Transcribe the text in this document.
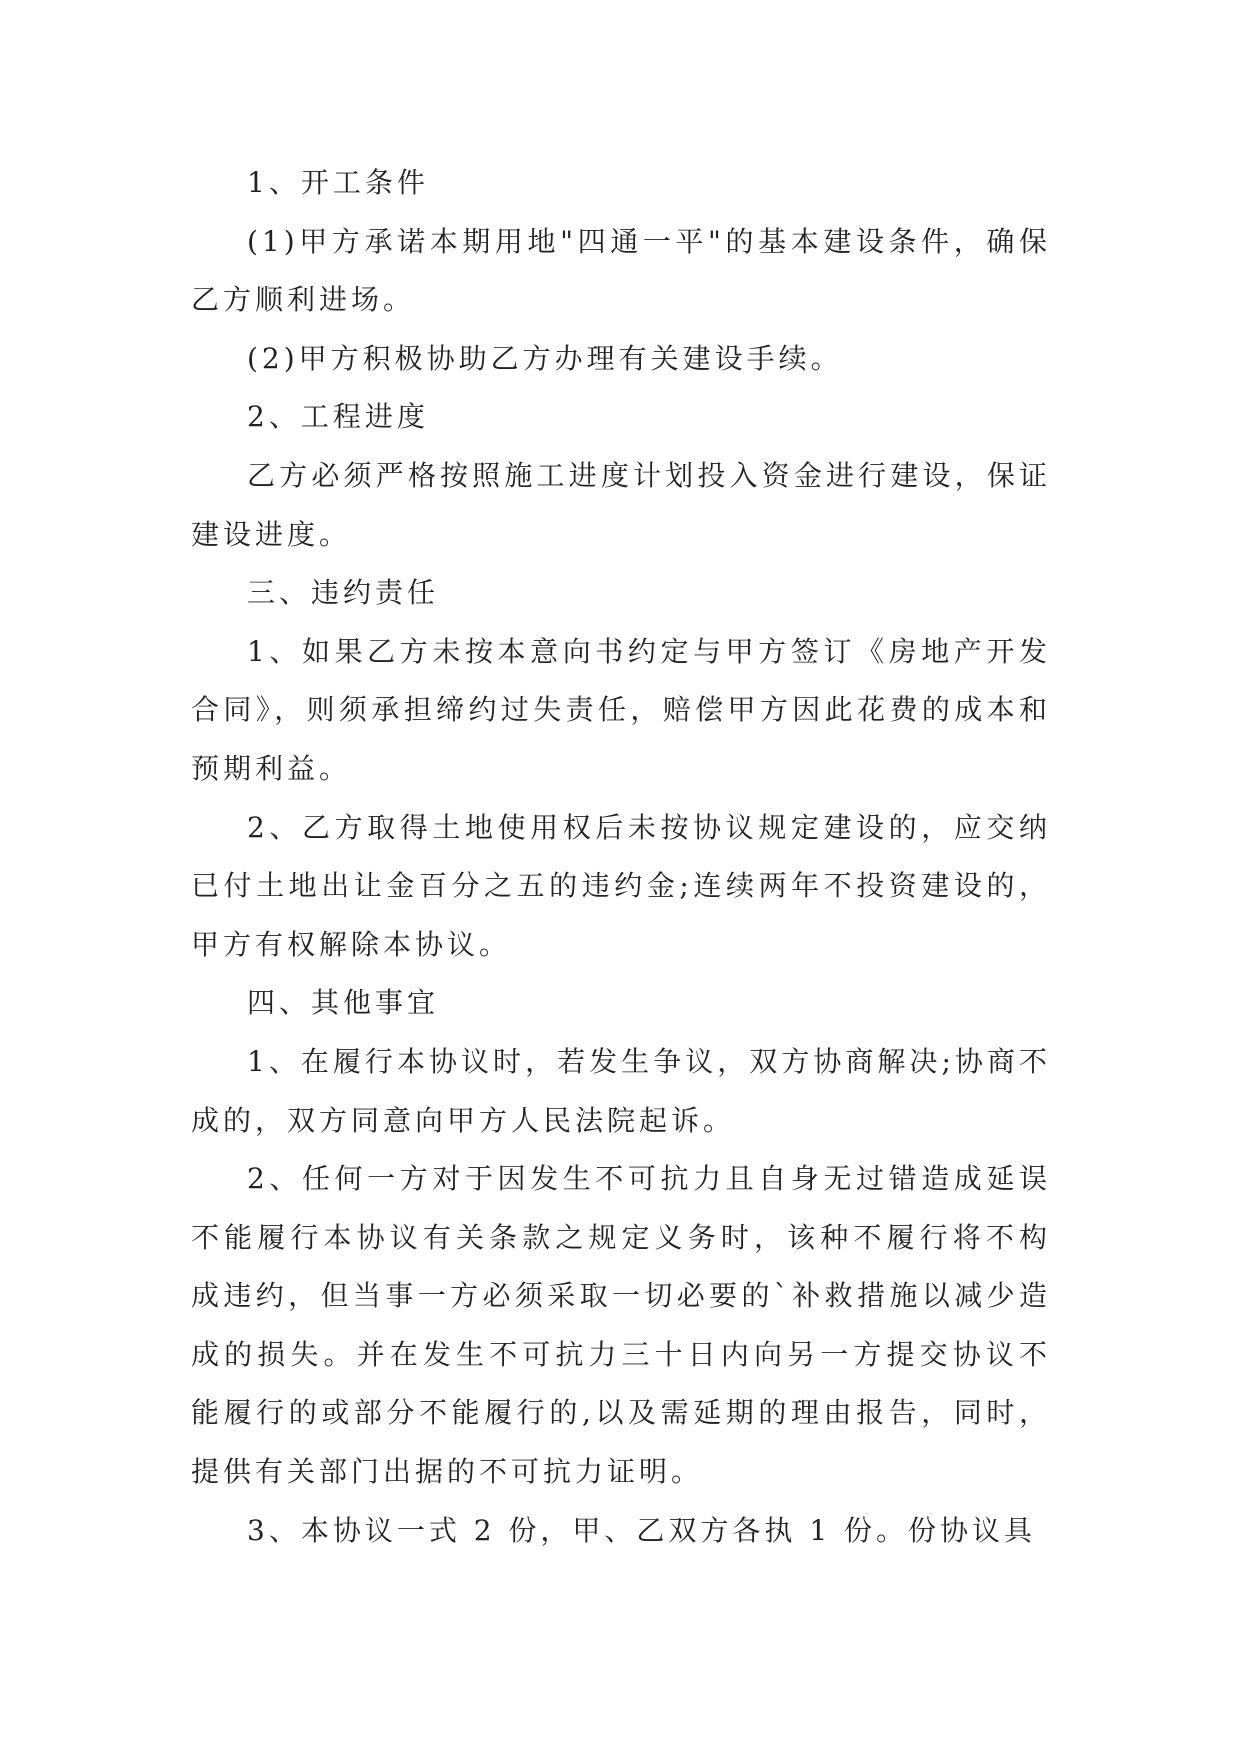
1、开工条件

(1)甲方承诺本期用地"四通一平"的基本建设条件，确保乙方顺利进场。

(2)甲方积极协助乙方办理有关建设手续。

2、工程进度

乙方必须严格按照施工进度计划投入资金进行建设，保证建设进度。

三、违约责任

1、如果乙方未按本意向书约定与甲方签订《房地产开发合同》，则须承担缔约过失责任，赔偿甲方因此花费的成本和预期利益。

2、乙方取得土地使用权后未按协议规定建设的，应交纳已付土地出让金百分之五的违约金;连续两年不投资建设的，甲方有权解除本协议。

四、其他事宜

1、在履行本协议时，若发生争议，双方协商解决;协商不成的，双方同意向甲方人民法院起诉。

2、任何一方对于因发生不可抗力且自身无过错造成延误不能履行本协议有关条款之规定义务时，该种不履行将不构成违约，但当事一方必须采取一切必要的`补救措施以减少造成的损失。并在发生不可抗力三十日内向另一方提交协议不能履行的或部分不能履行的,以及需延期的理由报告，同时，提供有关部门出据的不可抗力证明。

3、本协议一式 2 份，甲、乙双方各执 1 份。份协议具
